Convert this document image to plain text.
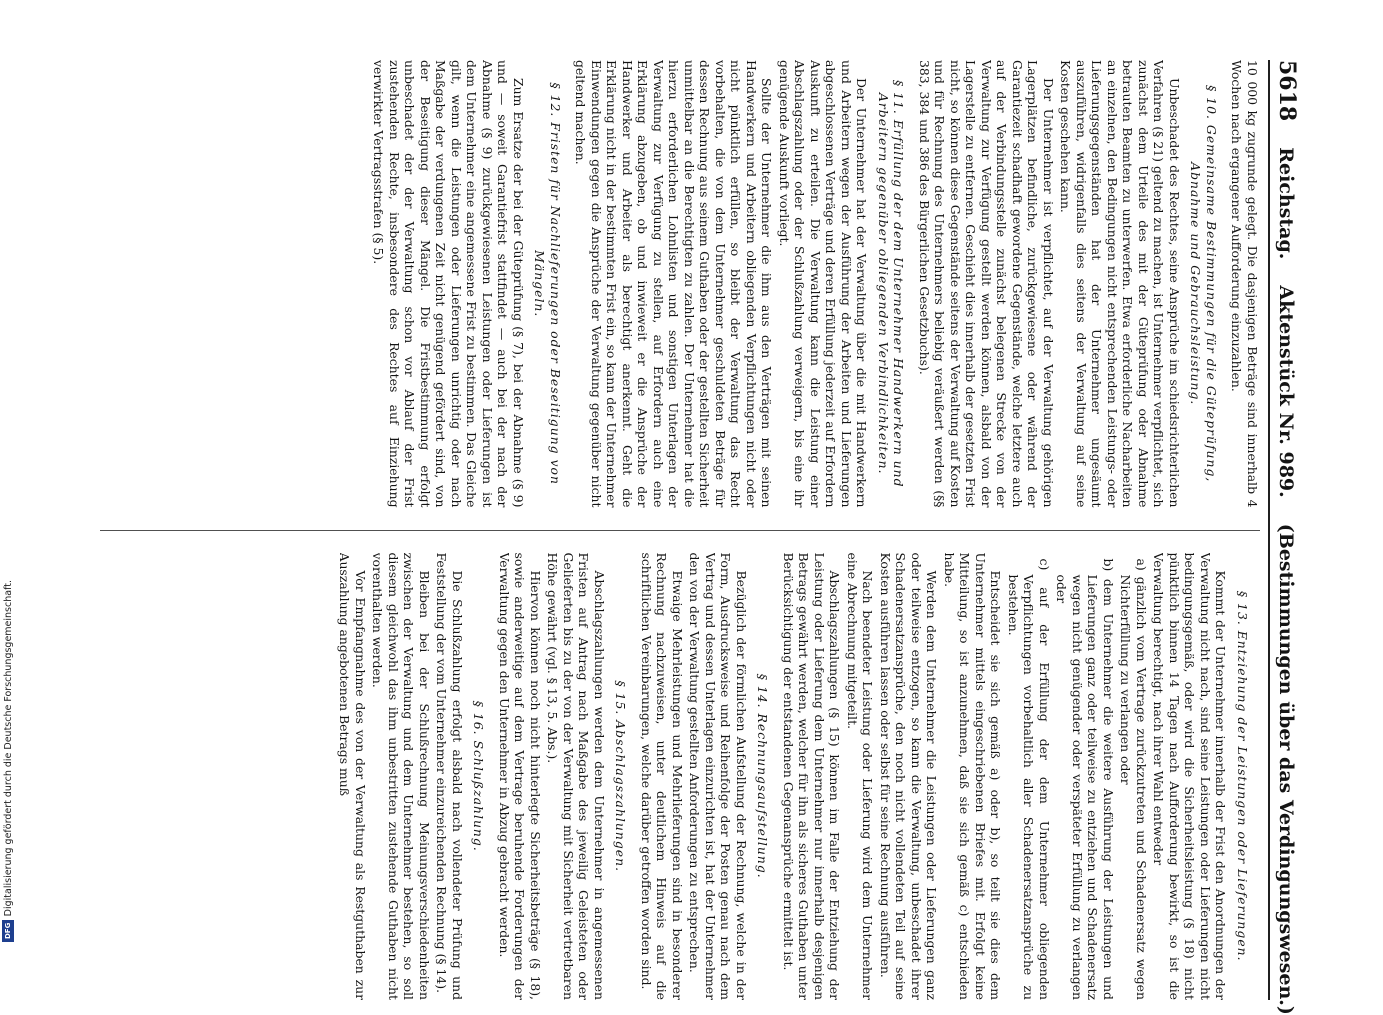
5618
Reichstag.
Aktenstück Nr. 989.
(Bestimmungen über das Verdingungswesen.)

10 000 kg zugrunde gelegt. Die dasjenigen Beträge sind innerhalb 4 Wochen nach ergangener Aufforderung einzuzahlen.

§ 10. Gemeinsame Bestimmungen für die Güteprüfung, Abnahme und Gebrauchsleistung.

Unbeschadet des Rechtes, seine Ansprüche im schiedsrichterlichen Verfahren (§ 21) geltend zu machen, ist Unternehmer verpflichtet, sich zunächst dem Urteile des mit der Güteprüfung oder Abnahme betrauten Beamten zu unterwerfen. Etwa erforderliche Nacharbeiten an einzelnen, den Bedingungen nicht entsprechenden Leistungs- oder Lieferungsgegenständen hat der Unternehmer ungesäumt auszuführen, widrigenfalls dies seitens der Verwaltung auf seine Kosten geschehen kann.

Der Unternehmer ist verpflichtet, auf der Verwaltung gehörigen Lagerplätzen befindliche, zurückgewiesene oder während der Garantiezeit schadhaft gewordene Gegenstände, welche letztere auch auf der Verbindungsstelle zunächst belegenen Strecke von der Verwaltung zur Verfügung gestellt werden können, alsbald von der Lagerstelle zu entfernen. Geschieht dies innerhalb der gesetzten Frist nicht, so können diese Gegenstände seitens der Verwaltung auf Kosten und für Rechnung des Unternehmers beliebig veräußert werden (§§ 383, 384 und 386 des Bürgerlichen Gesetzbuchs).

§ 11. Erfüllung der dem Unternehmer Handwerkern und Arbeitern gegenüber obliegenden Verbindlichkeiten.

Der Unternehmer hat der Verwaltung über die mit Handwerkern und Arbeitern wegen der Ausführung der Arbeiten und Lieferungen abgeschlossenen Verträge und deren Erfüllung jederzeit auf Erfordern Auskunft zu erteilen. Die Verwaltung kann die Leistung einer Abschlagszahlung oder der Schlußzahlung verweigern, bis eine ihr genügende Auskunft vorliegt.

Sollte der Unternehmer die ihm aus den Verträgen mit seinen Handwerkern und Arbeitern obliegenden Verpflichtungen nicht oder nicht pünktlich erfüllen, so bleibt der Verwaltung das Recht vorbehalten, die von dem Unternehmer geschuldeten Beträge für dessen Rechnung aus seinem Guthaben oder der gestellten Sicherheit unmittelbar an die Berechtigten zu zahlen. Der Unternehmer hat die hierzu erforderlichen Lohnlisten und sonstigen Unterlagen der Verwaltung zur Verfügung zu stellen, auf Erfordern auch eine Erklärung abzugeben, ob und inwieweit er die Ansprüche der Handwerker und Arbeiter als berechtigt anerkennt. Geht die Erklärung nicht in der bestimmten Frist ein, so kann der Unternehmer Einwendungen gegen die Ansprüche der Verwaltung gegenüber nicht geltend machen.

§ 12. Fristen für Nachlieferungen oder Beseitigung von Mängeln.

Zum Ersatze der bei der Güteprüfung (§ 7), bei der Abnahme (§ 9) und — soweit Garantiefrist stattfindet — auch bei der nach der Abnahme (§ 9) zurückgewiesenen Leistungen oder Lieferungen ist dem Unternehmer eine angemessene Frist zu bestimmen. Das Gleiche gilt, wenn die Leistungen oder Lieferungen unrichtig oder nach Maßgabe der verdungenen Zeit nicht genügend gefördert sind, von der Beseitigung dieser Mängel. Die Fristbestimmung erfolgt unbeschadet der der Verwaltung schon vor Ablauf der Frist zustehenden Rechte, insbesondere des Rechtes auf Einziehung verwirkter Vertragsstrafen (§ 5).

§ 13. Entziehung der Leistungen oder Lieferungen.

Kommt der Unternehmer innerhalb der Frist den Anordnungen der Verwaltung nicht nach, sind seine Leistungen oder Lieferungen nicht bedingungsgemäß, oder wird die Sicherheitsleistung (§ 18) nicht pünktlich binnen 14 Tagen nach Aufforderung bewirkt, so ist die Verwaltung berechtigt, nach ihrer Wahl entweder

a) gänzlich vom Vertrage zurückzutreten und Schadenersatz wegen Nichterfüllung zu verlangen oder

b) dem Unternehmer die weitere Ausführung der Leistungen und Lieferungen ganz oder teilweise zu entziehen und Schadenersatz wegen nicht genügender oder verspäteter Erfüllung zu verlangen oder

c) auf der Erfüllung der dem Unternehmer obliegenden Verpflichtungen vorbehaltlich aller Schadenersatzansprüche zu bestehen.

Entscheidet sie sich gemäß a) oder b), so teilt sie dies dem Unternehmer mittels eingeschriebenen Briefes mit. Erfolgt keine Mitteilung, so ist anzunehmen, daß sie sich gemäß c) entschieden habe.

Werden dem Unternehmer die Leistungen oder Lieferungen ganz oder teilweise entzogen, so kann die Verwaltung, unbeschadet ihrer Schadenersatzansprüche, den noch nicht vollendeten Teil auf seine Kosten ausführen lassen oder selbst für seine Rechnung ausführen.

Nach beendeter Leistung oder Lieferung wird dem Unternehmer eine Abrechnung mitgeteilt.

Abschlagszahlungen (§ 15) können im Falle der Entziehung der Leistung oder Lieferung dem Unternehmer nur innerhalb desjenigen Betrags gewährt werden, welcher für ihn als sicheres Guthaben unter Berücksichtigung der entstandenen Gegenansprüche ermittelt ist.

§ 14. Rechnungsaufstellung.

Bezüglich der förmlichen Aufstellung der Rechnung, welche in der Form, Ausdrucksweise und Reihenfolge der Posten genau nach dem Vertrag und dessen Unterlagen einzurichten ist, hat der Unternehmer den von der Verwaltung gestellten Anforderungen zu entsprechen.

Etwaige Mehrleistungen und Mehrlieferungen sind in besonderer Rechnung nachzuweisen, unter deutlichem Hinweis auf die schriftlichen Vereinbarungen, welche darüber getroffen worden sind.

§ 15. Abschlagszahlungen.

Abschlagszahlungen werden dem Unternehmer in angemessenen Fristen auf Antrag nach Maßgabe des jeweilig Geleisteten oder Gelieferten bis zu der von der Verwaltung mit Sicherheit vertretbaren Höhe gewährt (vgl. § 13, 5. Abs.).

Hiervon können noch nicht hinterlegte Sicherheitsbeträge (§ 18), sowie anderweitige auf dem Vertrage beruhende Forderungen der Verwaltung gegen den Unternehmer in Abzug gebracht werden.

§ 16. Schlußzahlung.

Die Schlußzahlung erfolgt alsbald nach vollendeter Prüfung und Feststellung der vom Unternehmer einzureichenden Rechnung (§ 14).

Bleiben bei der Schlußrechnung Meinungsverschiedenheiten zwischen der Verwaltung und dem Unternehmer bestehen, so soll diesem gleichwohl das ihm unbestritten zustehende Guthaben nicht vorenthalten werden.

Vor Empfangnahme des von der Verwaltung als Restguthaben zur Auszahlung angebotenen Betrags muß

Digitalisierung gefördert durch die Deutsche Forschungsgemeinschaft.
DFG
